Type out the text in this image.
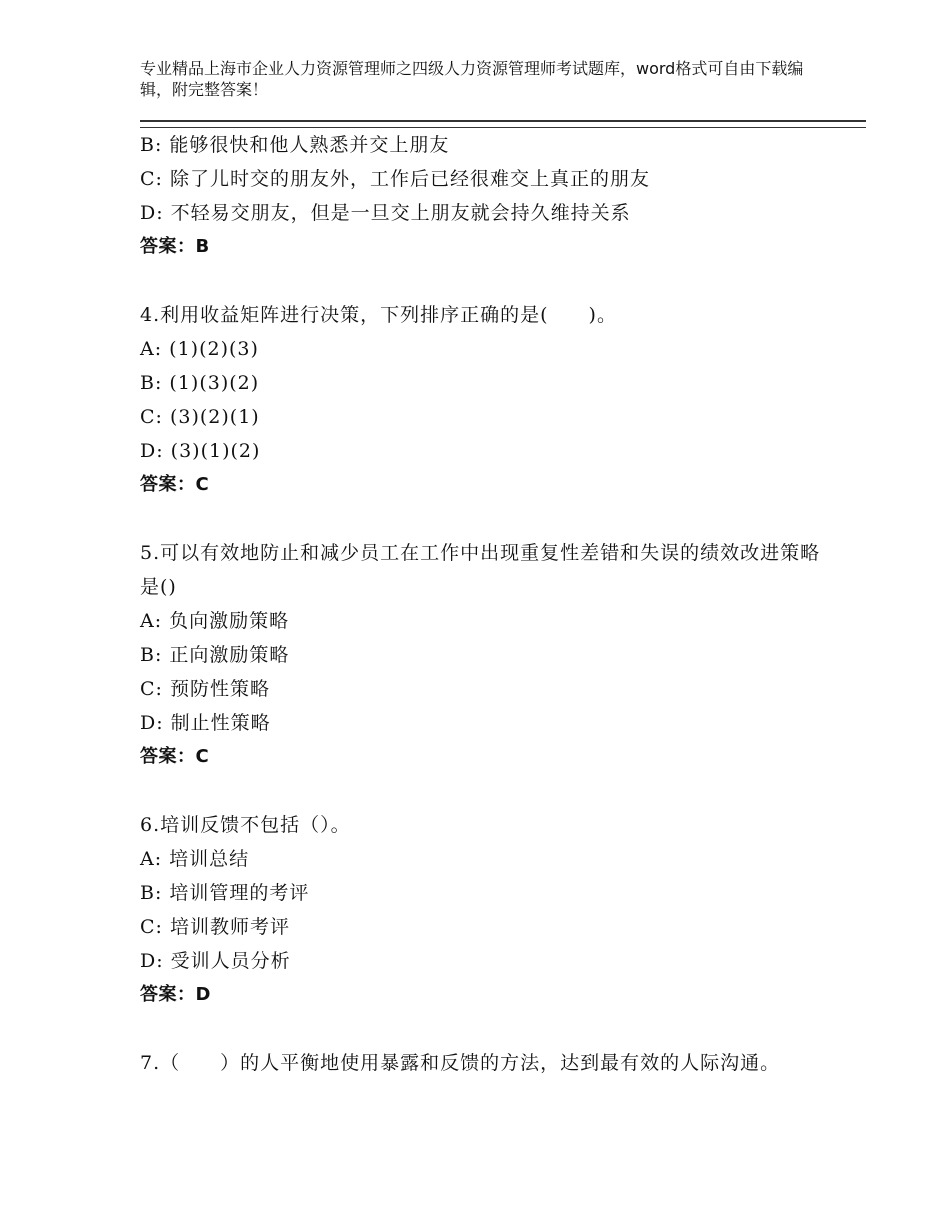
专业精品上海市企业人力资源管理师之四级人力资源管理师考试题库，word格式可自由下载编辑，附完整答案！
B: 能够很快和他人熟悉并交上朋友
C: 除了儿时交的朋友外，工作后已经很难交上真正的朋友
D: 不轻易交朋友，但是一旦交上朋友就会持久维持关系
答案：B
4.利用收益矩阵进行决策，下列排序正确的是(　　)。
A: (1)(2)(3)
B: (1)(3)(2)
C: (3)(2)(1)
D: (3)(1)(2)
答案：C
5.可以有效地防止和减少员工在工作中出现重复性差错和失误的绩效改进策略是()
A: 负向激励策略
B: 正向激励策略
C: 预防性策略
D: 制止性策略
答案：C
6.培训反馈不包括（）。
A: 培训总结
B: 培训管理的考评
C: 培训教师考评
D: 受训人员分析
答案：D
7.（　　）的人平衡地使用暴露和反馈的方法，达到最有效的人际沟通。
